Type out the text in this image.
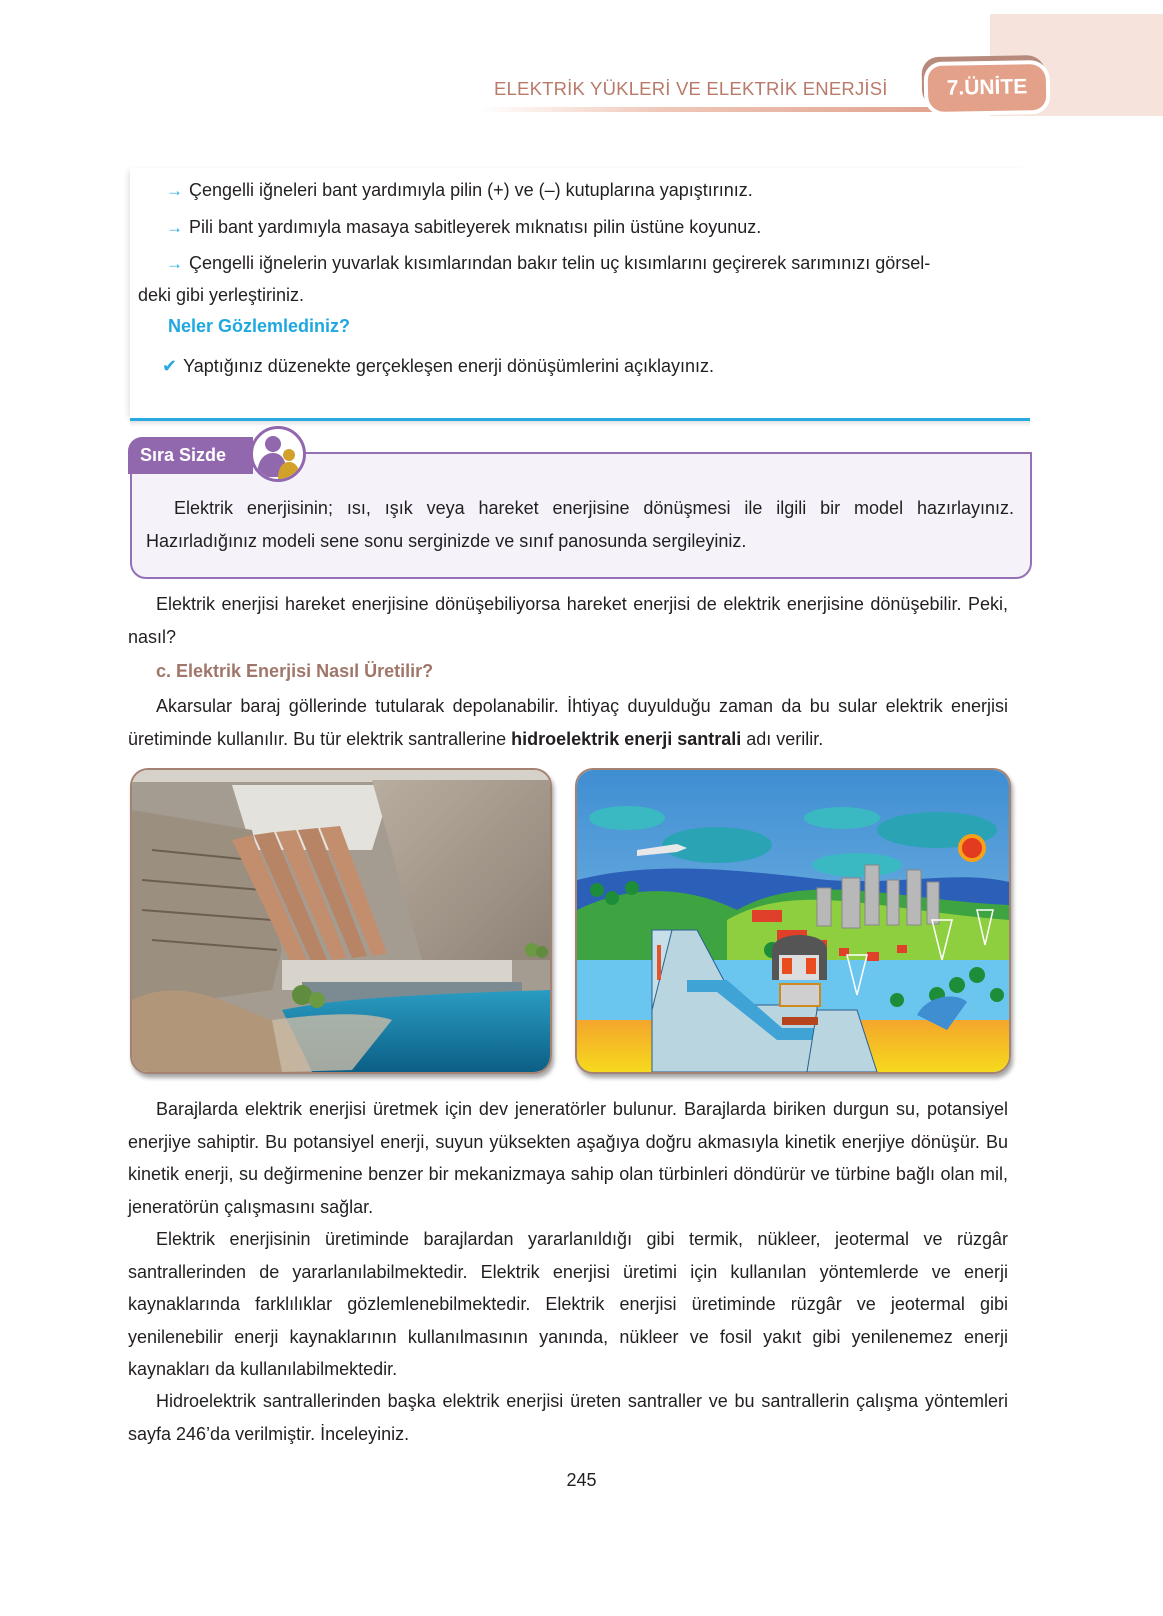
ELEKTRİK YÜKLERİ VE ELEKTRİK ENERJİSİ	7.ÜNİTE
→ Çengelli iğneleri bant yardımıyla pilin (+) ve (–) kutuplarına yapıştırınız.
→ Pili bant yardımıyla masaya sabitleyerek mıknatısı pilin üstüne koyunuz.
→ Çengelli iğnelerin yuvarlak kısımlarından bakır telin uç kısımlarını geçirerek sarımınızı görsel-
deki gibi yerleştiriniz.
Neler Gözlemlediniz?
✔ Yaptığınız düzenekte gerçekleşen enerji dönüşümlerini açıklayınız.
Elektrik enerjisinin; ısı, ışık veya hareket enerjisine dönüşmesi ile ilgili bir model hazırlayınız. Hazırladığınız modeli sene sonu serginizde ve sınıf panosunda sergileyiniz.
Sıra Sizde
Elektrik enerjisi hareket enerjisine dönüşebiliyorsa hareket enerjisi de elektrik enerjisine dönüşebilir. Peki, nasıl?
c. Elektrik Enerjisi Nasıl Üretilir?
Akarsular baraj göllerinde tutularak depolanabilir. İhtiyaç duyulduğu zaman da bu sular elektrik enerjisi üretiminde kullanılır. Bu tür elektrik santrallerine hidroelektrik enerji santrali adı verilir.
Barajlarda elektrik enerjisi üretmek için dev jeneratörler bulunur. Barajlarda biriken durgun su, potansiyel enerjiye sahiptir. Bu potansiyel enerji, suyun yüksekten aşağıya doğru akmasıyla kinetik enerjiye dönüşür. Bu kinetik enerji, su değirmenine benzer bir mekanizmaya sahip olan türbinleri döndürür ve türbine bağlı olan mil, jeneratörün çalışmasını sağlar.
Elektrik enerjisinin üretiminde barajlardan yararlanıldığı gibi termik, nükleer, jeotermal ve rüzgâr santrallerinden de yararlanılabilmektedir. Elektrik enerjisi üretimi için kullanılan yöntemlerde ve enerji kaynaklarında farklılıklar gözlemlenebilmektedir. Elektrik enerjisi üretiminde rüzgâr ve jeotermal gibi yenilenebilir enerji kaynaklarının kullanılmasının yanında, nükleer ve fosil yakıt gibi yenilenemez enerji kaynakları da kullanılabilmektedir.
Hidroelektrik santrallerinden başka elektrik enerjisi üreten santraller ve bu santrallerin çalışma yöntemleri sayfa 246’da verilmiştir. İnceleyiniz.
245
